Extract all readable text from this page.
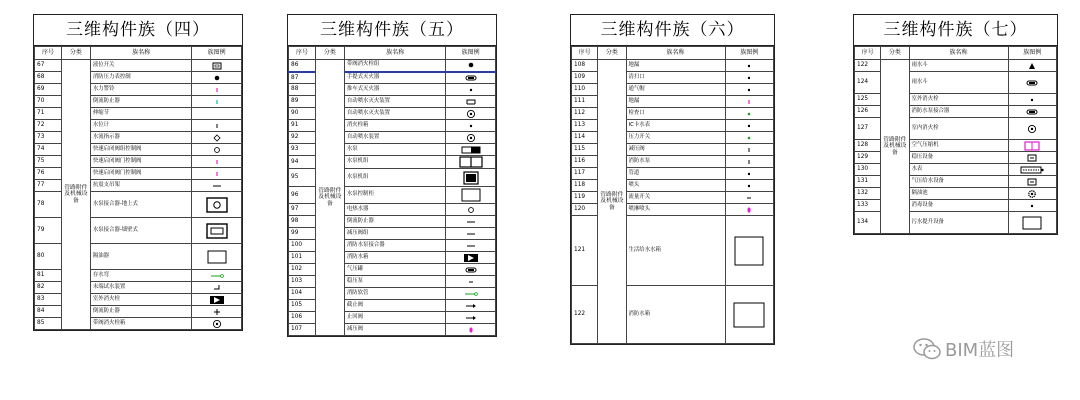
三维构件族（四）
序号	分类	族名称	族图例
67	管路附件及机械设备	液位开关	

68		消防压力表控制	

69		水力警铃	

70		倒流防止器	

71		伸缩节	

72		水位计	

73		水流指示器	

74		快速启闭阀组控制阀	

75		快速启闭阀门控制阀	

76		快速启闭阀门控制阀	

77		抗震支吊架	

78		水泵接合器-地上式	

79		水泵接合器-墙壁式	

80		隔油器	

81		存水弯	

82		末端试水装置	

83		室外消火栓	

84		倒流防止器	

85		带阀消火栓箱	
三维构件族（五）
序号	分类	族名称	族图例
86	管路附件及机械设备	带阀消火栓组	

87		手提式灭火器	

88		推车式灭火器	

89		自动喷水灭火装置	

90		自动喷水灭火装置	

91		消火栓箱	

92		自动喷水装置	

93		水泵	

94		水泵机组	

95		水泵机组	

96		水泵控制柜	

97		电热水器	

98		倒流防止器	

99		减压阀组	

100		消防水泵接合器	

101		消防水箱	

102		气压罐	

103		稳压泵	

104		消防软管	

105		截止阀	

106		止回阀	

107		减压阀	
三维构件族（六）
序号	分类	族名称	族图例
108	管路附件及机械设备	地漏	

109		清扫口	

110		通气帽	

111		地漏	

112		检查口	

113		IC卡水表	

114		压力开关	

115		减压阀	

116		消防水泵	

117		管道	

118		喷头	

119		流量开关	

120		喷淋喷头	

121		生活给水水箱	

122		消防水箱	
三维构件族（七）
序号	分类	族名称	族图例
122	管路附件及机械设备	雨水斗	

124		雨水斗	

125		室外消火栓	

126		消防水泵接合器	

127		室内消火栓	

128		空气压缩机	

129		稳压设备	

130		水表	

131		气压给水设备	

132		隔油池	

133		消毒设备	

134		污水提升设备	
BIM蓝图
